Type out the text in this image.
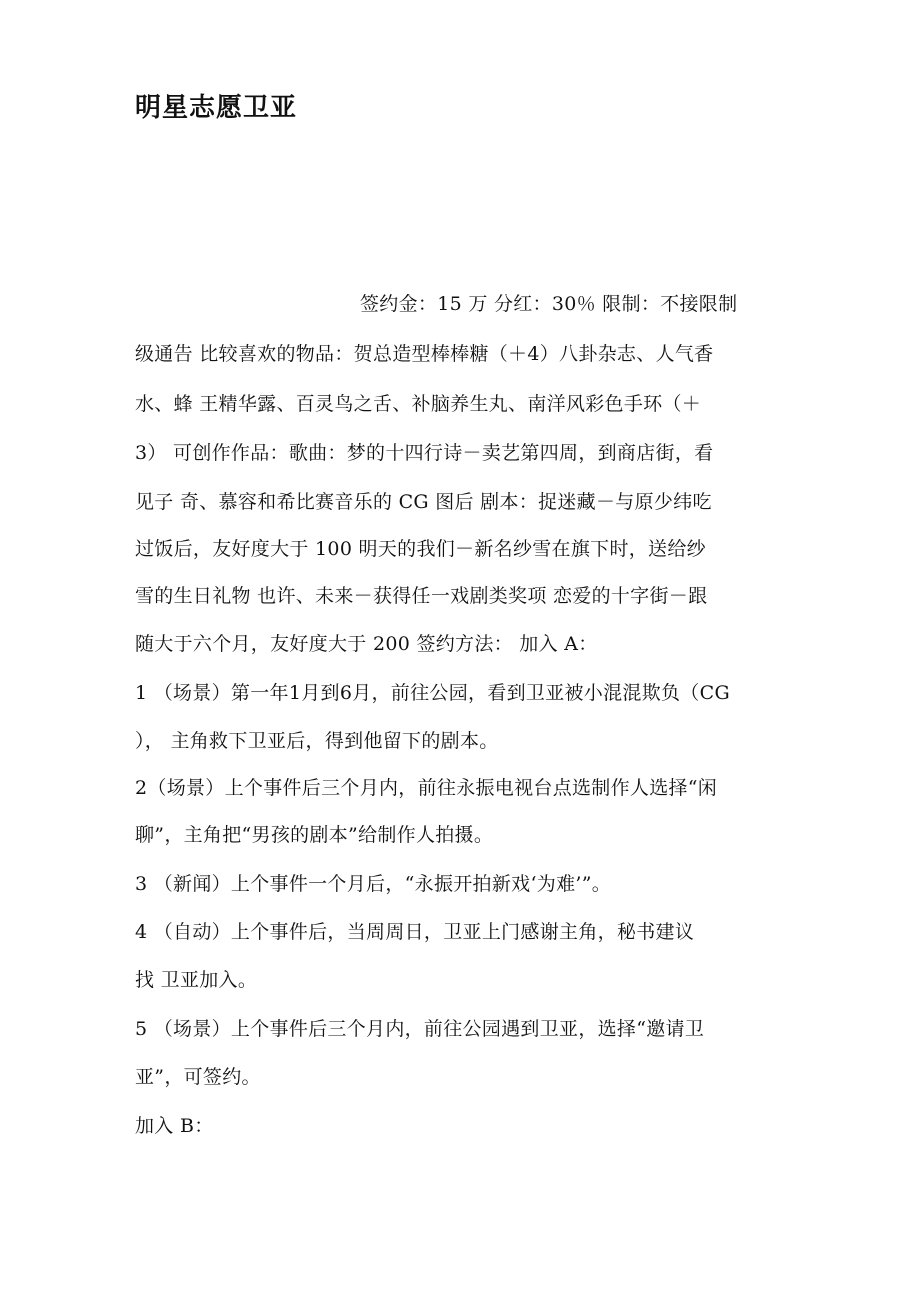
明星志愿卫亚
签约金：15 万 分红：30％ 限制：不接限制
级通告 比较喜欢的物品：贺总造型棒棒糖（＋4）八卦杂志、人气香
水、蜂 王精华露、百灵鸟之舌、补脑养生丸、南洋风彩色手环（＋
3） 可创作作品：歌曲：梦的十四行诗－卖艺第四周，到商店街，看
见子 奇、慕容和希比赛音乐的 CG 图后 剧本：捉迷藏－与原少纬吃
过饭后，友好度大于 100 明天的我们－新名纱雪在旗下时，送给纱
雪的生日礼物 也许、未来－获得任一戏剧类奖项 恋爱的十字街－跟
随大于六个月，友好度大于 200 签约方法： 加入 A：
1 （场景）第一年1月到6月，前往公园，看到卫亚被小混混欺负（CG
）， 主角救下卫亚后，得到他留下的剧本。
2（场景）上个事件后三个月内，前往永振电视台点选制作人选择“闲
聊”，主角把“男孩的剧本”给制作人拍摄。
3 （新闻）上个事件一个月后，“永振开拍新戏‘为难’”。
4 （自动）上个事件后，当周周日，卫亚上门感谢主角，秘书建议
找 卫亚加入。
5 （场景）上个事件后三个月内，前往公园遇到卫亚，选择“邀请卫
亚”，可签约。
加入 B：
